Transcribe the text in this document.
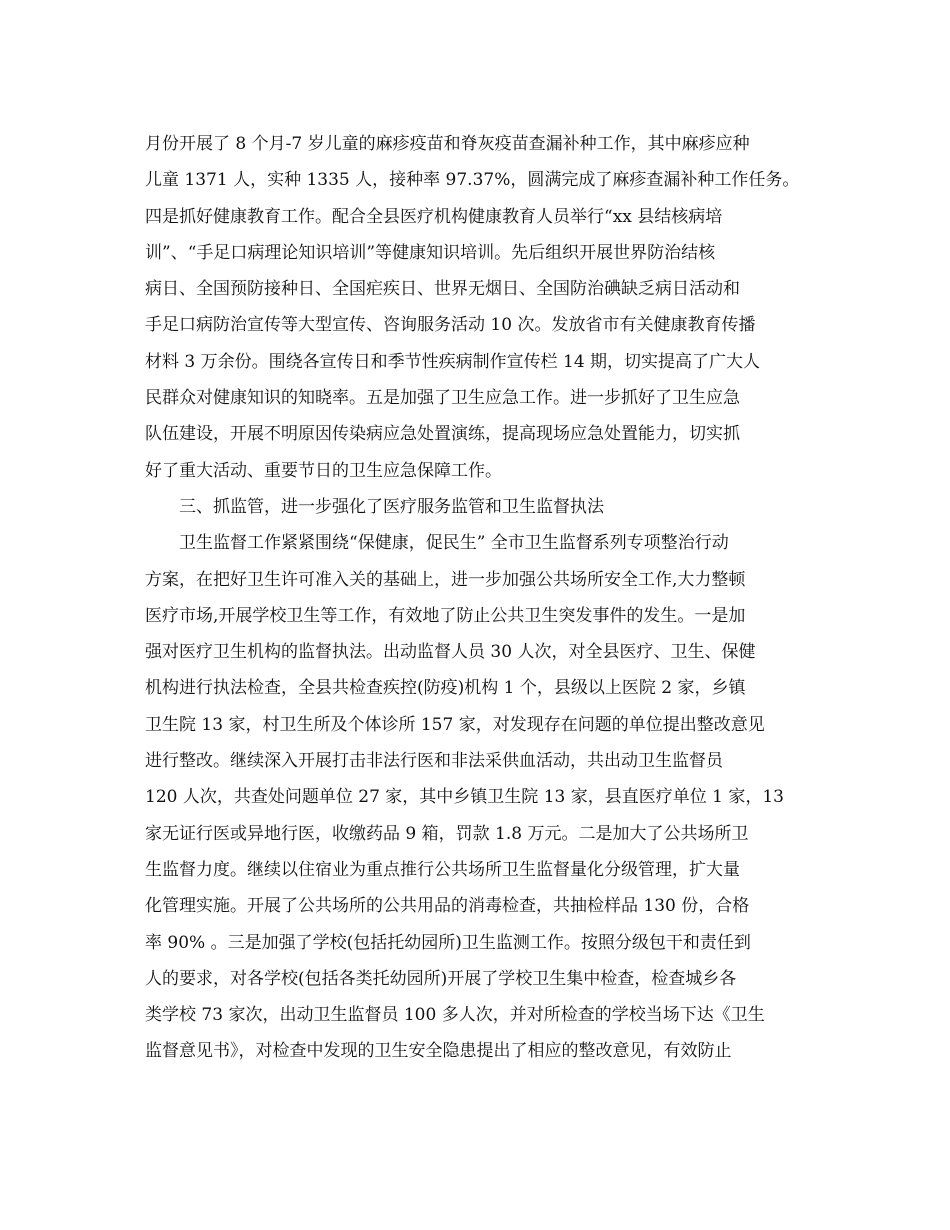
月份开展了 8 个月-7 岁儿童的麻疹疫苗和脊灰疫苗查漏补种工作，其中麻疹应种
儿童 1371 人，实种 1335 人，接种率 97.37%，圆满完成了麻疹查漏补种工作任务。
四是抓好健康教育工作。配合全县医疗机构健康教育人员举行“xx 县结核病培
训”、“手足口病理论知识培训”等健康知识培训。先后组织开展世界防治结核
病日、全国预防接种日、全国疟疾日、世界无烟日、全国防治碘缺乏病日活动和
手足口病防治宣传等大型宣传、咨询服务活动 10 次。发放省市有关健康教育传播
材料 3 万余份。围绕各宣传日和季节性疾病制作宣传栏 14 期，切实提高了广大人
民群众对健康知识的知晓率。五是加强了卫生应急工作。进一步抓好了卫生应急
队伍建设，开展不明原因传染病应急处置演练，提高现场应急处置能力，切实抓
好了重大活动、重要节日的卫生应急保障工作。
三、抓监管，进一步强化了医疗服务监管和卫生监督执法
卫生监督工作紧紧围绕“保健康，促民生” 全市卫生监督系列专项整治行动
方案，在把好卫生许可准入关的基础上，进一步加强公共场所安全工作,大力整顿
医疗市场,开展学校卫生等工作，有效地了防止公共卫生突发事件的发生。一是加
强对医疗卫生机构的监督执法。出动监督人员 30 人次，对全县医疗、卫生、保健
机构进行执法检查，全县共检查疾控(防疫)机构 1 个，县级以上医院 2 家，乡镇
卫生院 13 家，村卫生所及个体诊所 157 家，对发现存在问题的单位提出整改意见
进行整改。继续深入开展打击非法行医和非法采供血活动，共出动卫生监督员
120 人次，共查处问题单位 27 家，其中乡镇卫生院 13 家，县直医疗单位 1 家，13
家无证行医或异地行医，收缴药品 9 箱，罚款 1.8 万元。二是加大了公共场所卫
生监督力度。继续以住宿业为重点推行公共场所卫生监督量化分级管理，扩大量
化管理实施。开展了公共场所的公共用品的消毒检查，共抽检样品 130 份，合格
率 90% 。三是加强了学校(包括托幼园所)卫生监测工作。按照分级包干和责任到
人的要求，对各学校(包括各类托幼园所)开展了学校卫生集中检查，检查城乡各
类学校 73 家次，出动卫生监督员 100 多人次，并对所检查的学校当场下达《卫生
监督意见书》，对检查中发现的卫生安全隐患提出了相应的整改意见，有效防止
